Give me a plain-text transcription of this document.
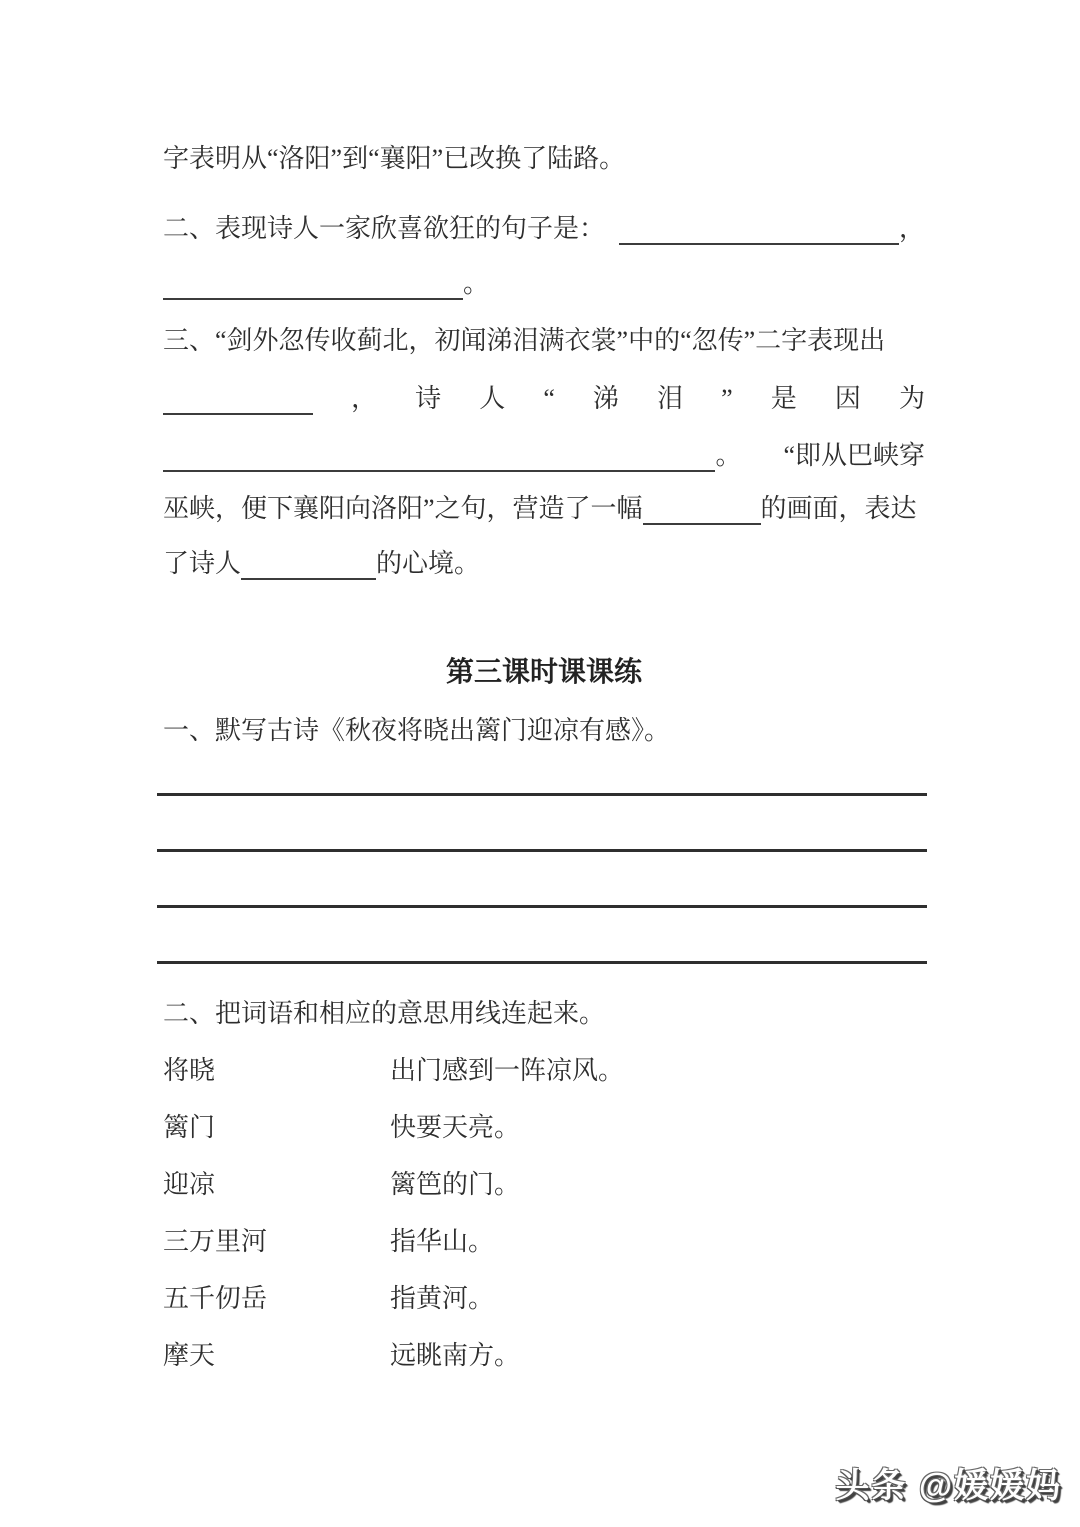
字表明从“洛阳”到“襄阳”已改换了陆路。
二、表现诗人一家欣喜欲狂的句子是：	，
。
三、“剑外忽传收蓟北，初闻涕泪满衣裳”中的“忽传”二字表现出
， 诗 人 “ 涕 泪 ” 是 因 为
。 “即从巴峡穿
巫峡，便下襄阳向洛阳”之句，营造了一幅	的画面，表达
了诗人	的心境。
第三课时课课练
一、默写古诗《秋夜将晓出篱门迎凉有感》。
二、把词语和相应的意思用线连起来。
将晓	出门感到一阵凉风。
篱门	快要天亮。
迎凉	篱笆的门。
三万里河	指华山。
五千仞岳	指黄河。
摩天	远眺南方。
头条 @媛媛妈
